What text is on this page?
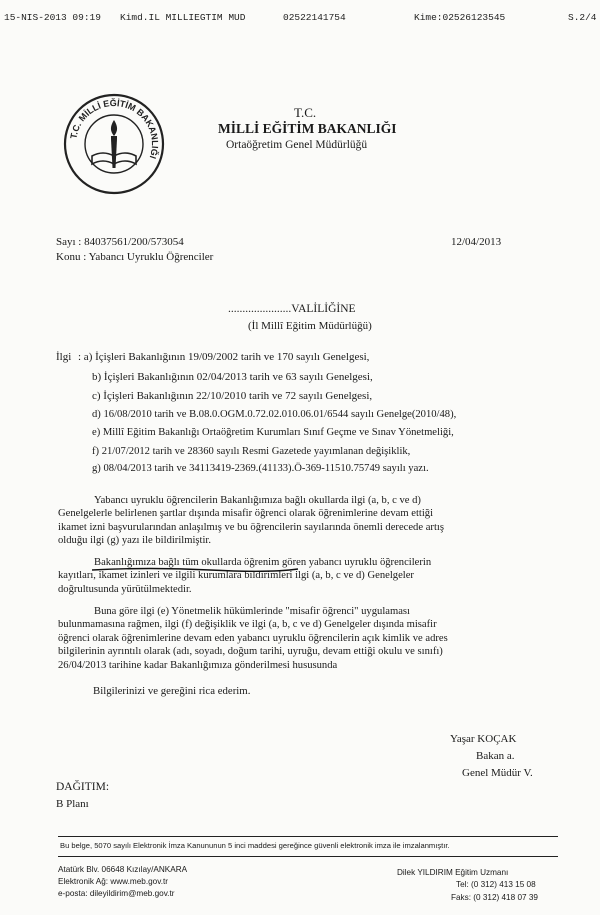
15-NIS-2013 09:19 Kimd.IL MILLIEGTIM MUD	02522141754	Kime:02526123545	S.2/4
T.C. MİLLİ EĞİTİM BAKANLIĞI
T.C.
MİLLİ EĞİTİM BAKANLIĞI
Ortaöğretim Genel Müdürlüğü
Sayı : 84037561/200/573054	12/04/2013
Konu : Yabancı Uyruklu Öğrenciler
......................VALİLİĞİNE
(İl Millî Eğitim Müdürlüğü)
İlgi : a) İçişleri Bakanlığının 19/09/2002 tarih ve 170 sayılı Genelgesi,
b) İçişleri Bakanlığının 02/04/2013 tarih ve 63 sayılı Genelgesi,
c) İçişleri Bakanlığının 22/10/2010 tarih ve 72 sayılı Genelgesi,
d) 16/08/2010 tarih ve B.08.0.OGM.0.72.02.010.06.01/6544 sayılı Genelge(2010/48),
e) Millî Eğitim Bakanlığı Ortaöğretim Kurumları Sınıf Geçme ve Sınav Yönetmeliği,
f) 21/07/2012 tarih ve 28360 sayılı Resmi Gazetede yayımlanan değişiklik,
g) 08/04/2013 tarih ve 34113419-2369.(41133).Ö-369-11510.75749 sayılı yazı.
Yabancı uyruklu öğrencilerin Bakanlığımıza bağlı okullarda ilgi (a, b, c ve d)
Genelgelerle belirlenen şartlar dışında misafir öğrenci olarak öğrenimlerine devam ettiği
ikamet izni başvurularından anlaşılmış ve bu öğrencilerin sayılarında önemli derecede artış
olduğu ilgi (g) yazı ile bildirilmiştir.
Bakanlığımıza bağlı tüm okullarda öğrenim gören yabancı uyruklu öğrencilerin
kayıtları, ikamet izinleri ve ilgili kurumlara bildirimleri ilgi (a, b, c ve d) Genelgeler
doğrultusunda yürütülmektedir.
Buna göre ilgi (e) Yönetmelik hükümlerinde "misafir öğrenci" uygulaması
bulunmamasına rağmen, ilgi (f) değişiklik ve ilgi (a, b, c ve d) Genelgeler dışında misafir
öğrenci olarak öğrenimlerine devam eden yabancı uyruklu öğrencilerin açık kimlik ve adres
bilgilerinin ayrıntılı olarak (adı, soyadı, doğum tarihi, uyruğu, devam ettiği okulu ve sınıfı)
26/04/2013 tarihine kadar Bakanlığımıza gönderilmesi hususunda
Bilgilerinizi ve gereğini rica ederim.
Yaşar KOÇAK
Bakan a.
Genel Müdür V.
DAĞITIM:
B Planı
Bu belge, 5070 sayılı Elektronik İmza Kanununun 5 inci maddesi gereğince güvenli elektronik imza ile imzalanmıştır.
Atatürk Blv. 06648 Kızılay/ANKARA
Elektronik Ağ: www.meb.gov.tr
e-posta: dileyildirim@meb.gov.tr
Dilek YILDIRIM Eğitim Uzmanı
Tel: (0 312) 413 15 08
Faks: (0 312) 418 07 39
